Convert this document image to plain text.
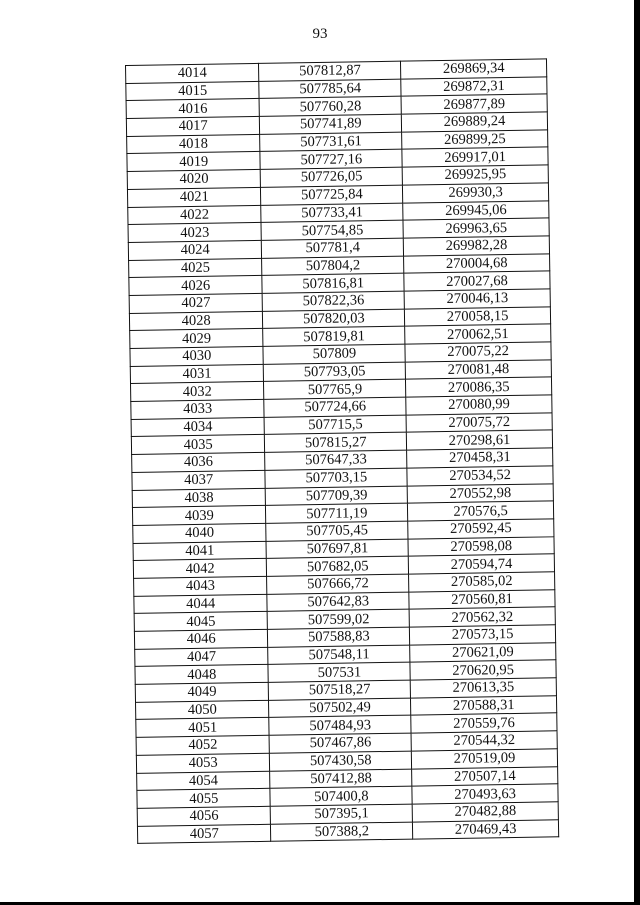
93
4014	507812,87	269869,34
4015	507785,64	269872,31
4016	507760,28	269877,89
4017	507741,89	269889,24
4018	507731,61	269899,25
4019	507727,16	269917,01
4020	507726,05	269925,95
4021	507725,84	269930,3
4022	507733,41	269945,06
4023	507754,85	269963,65
4024	507781,4	269982,28
4025	507804,2	270004,68
4026	507816,81	270027,68
4027	507822,36	270046,13
4028	507820,03	270058,15
4029	507819,81	270062,51
4030	507809	270075,22
4031	507793,05	270081,48
4032	507765,9	270086,35
4033	507724,66	270080,99
4034	507715,5	270075,72
4035	507815,27	270298,61
4036	507647,33	270458,31
4037	507703,15	270534,52
4038	507709,39	270552,98
4039	507711,19	270576,5
4040	507705,45	270592,45
4041	507697,81	270598,08
4042	507682,05	270594,74
4043	507666,72	270585,02
4044	507642,83	270560,81
4045	507599,02	270562,32
4046	507588,83	270573,15
4047	507548,11	270621,09
4048	507531	270620,95
4049	507518,27	270613,35
4050	507502,49	270588,31
4051	507484,93	270559,76
4052	507467,86	270544,32
4053	507430,58	270519,09
4054	507412,88	270507,14
4055	507400,8	270493,63
4056	507395,1	270482,88
4057	507388,2	270469,43
